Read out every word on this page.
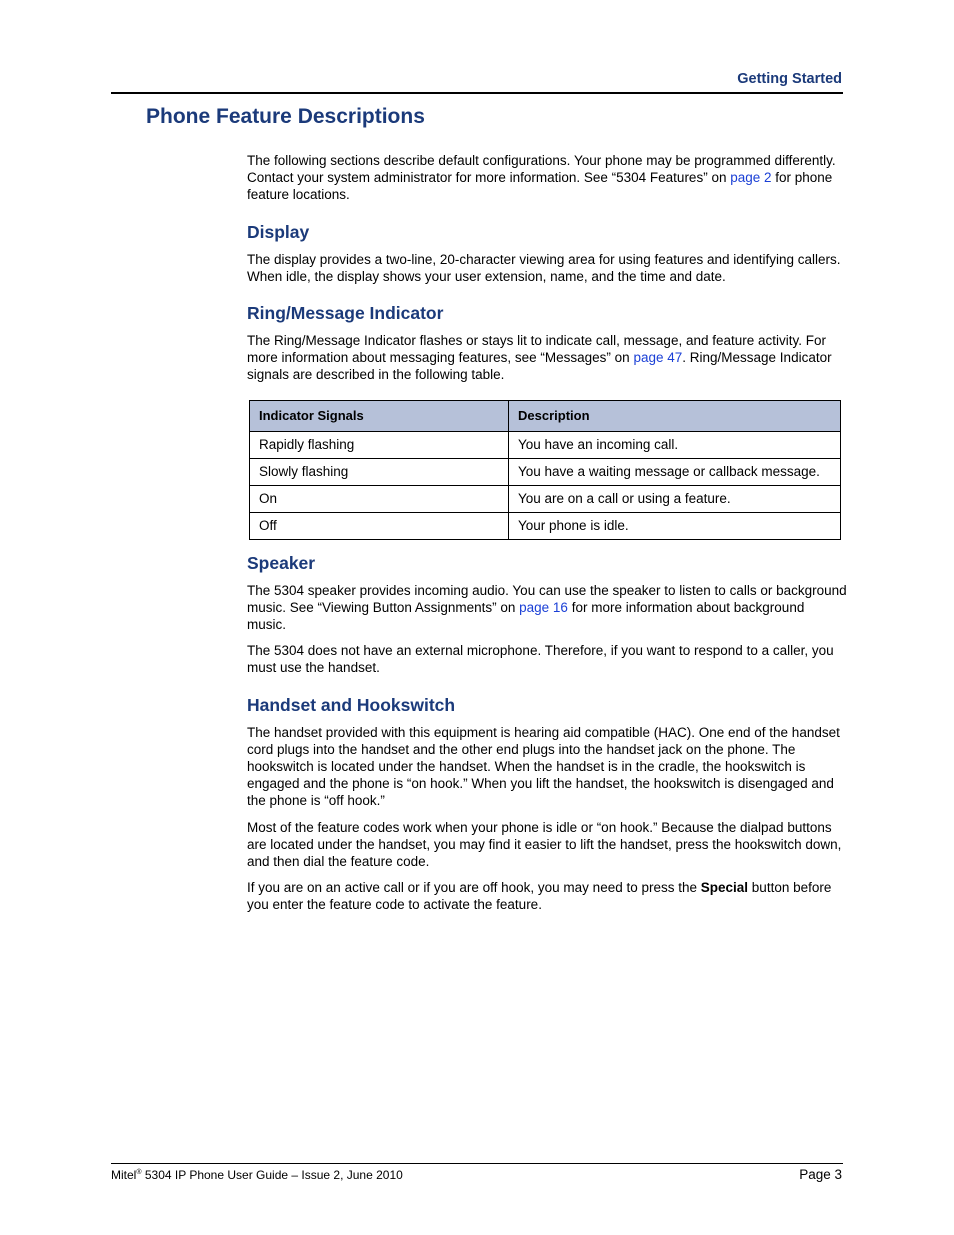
Getting Started
Phone Feature Descriptions

The following sections describe default configurations. Your phone may be programmed differently. Contact your system administrator for more information. See “5304 Features” on page 2 for phone feature locations.

Display

The display provides a two-line, 20-character viewing area for using features and identifying callers. When idle, the display shows your user extension, name, and the time and date.

Ring/Message Indicator

The Ring/Message Indicator flashes or stays lit to indicate call, message, and feature activity. For more information about messaging features, see “Messages” on page 47. Ring/Message Indicator signals are described in the following table.

Indicator Signals	Description
Rapidly flashing	You have an incoming call.
Slowly flashing	You have a waiting message or callback message.
On	You are on a call or using a feature.
Off	Your phone is idle.
Speaker

The 5304 speaker provides incoming audio. You can use the speaker to listen to calls or background music. See “Viewing Button Assignments” on page 16 for more information about background music.

The 5304 does not have an external microphone. Therefore, if you want to respond to a caller, you must use the handset.

Handset and Hookswitch

The handset provided with this equipment is hearing aid compatible (HAC). One end of the handset cord plugs into the handset and the other end plugs into the handset jack on the phone. The hookswitch is located under the handset. When the handset is in the cradle, the hookswitch is engaged and the phone is “on hook.” When you lift the handset, the hookswitch is disengaged and the phone is “off hook.”

Most of the feature codes work when your phone is idle or “on hook.” Because the dialpad buttons are located under the handset, you may find it easier to lift the handset, press the hookswitch down, and then dial the feature code.

If you are on an active call or if you are off hook, you may need to press the Special button before you enter the feature code to activate the feature.

Mitel® 5304 IP Phone User Guide – Issue 2, June 2010	Page 3
